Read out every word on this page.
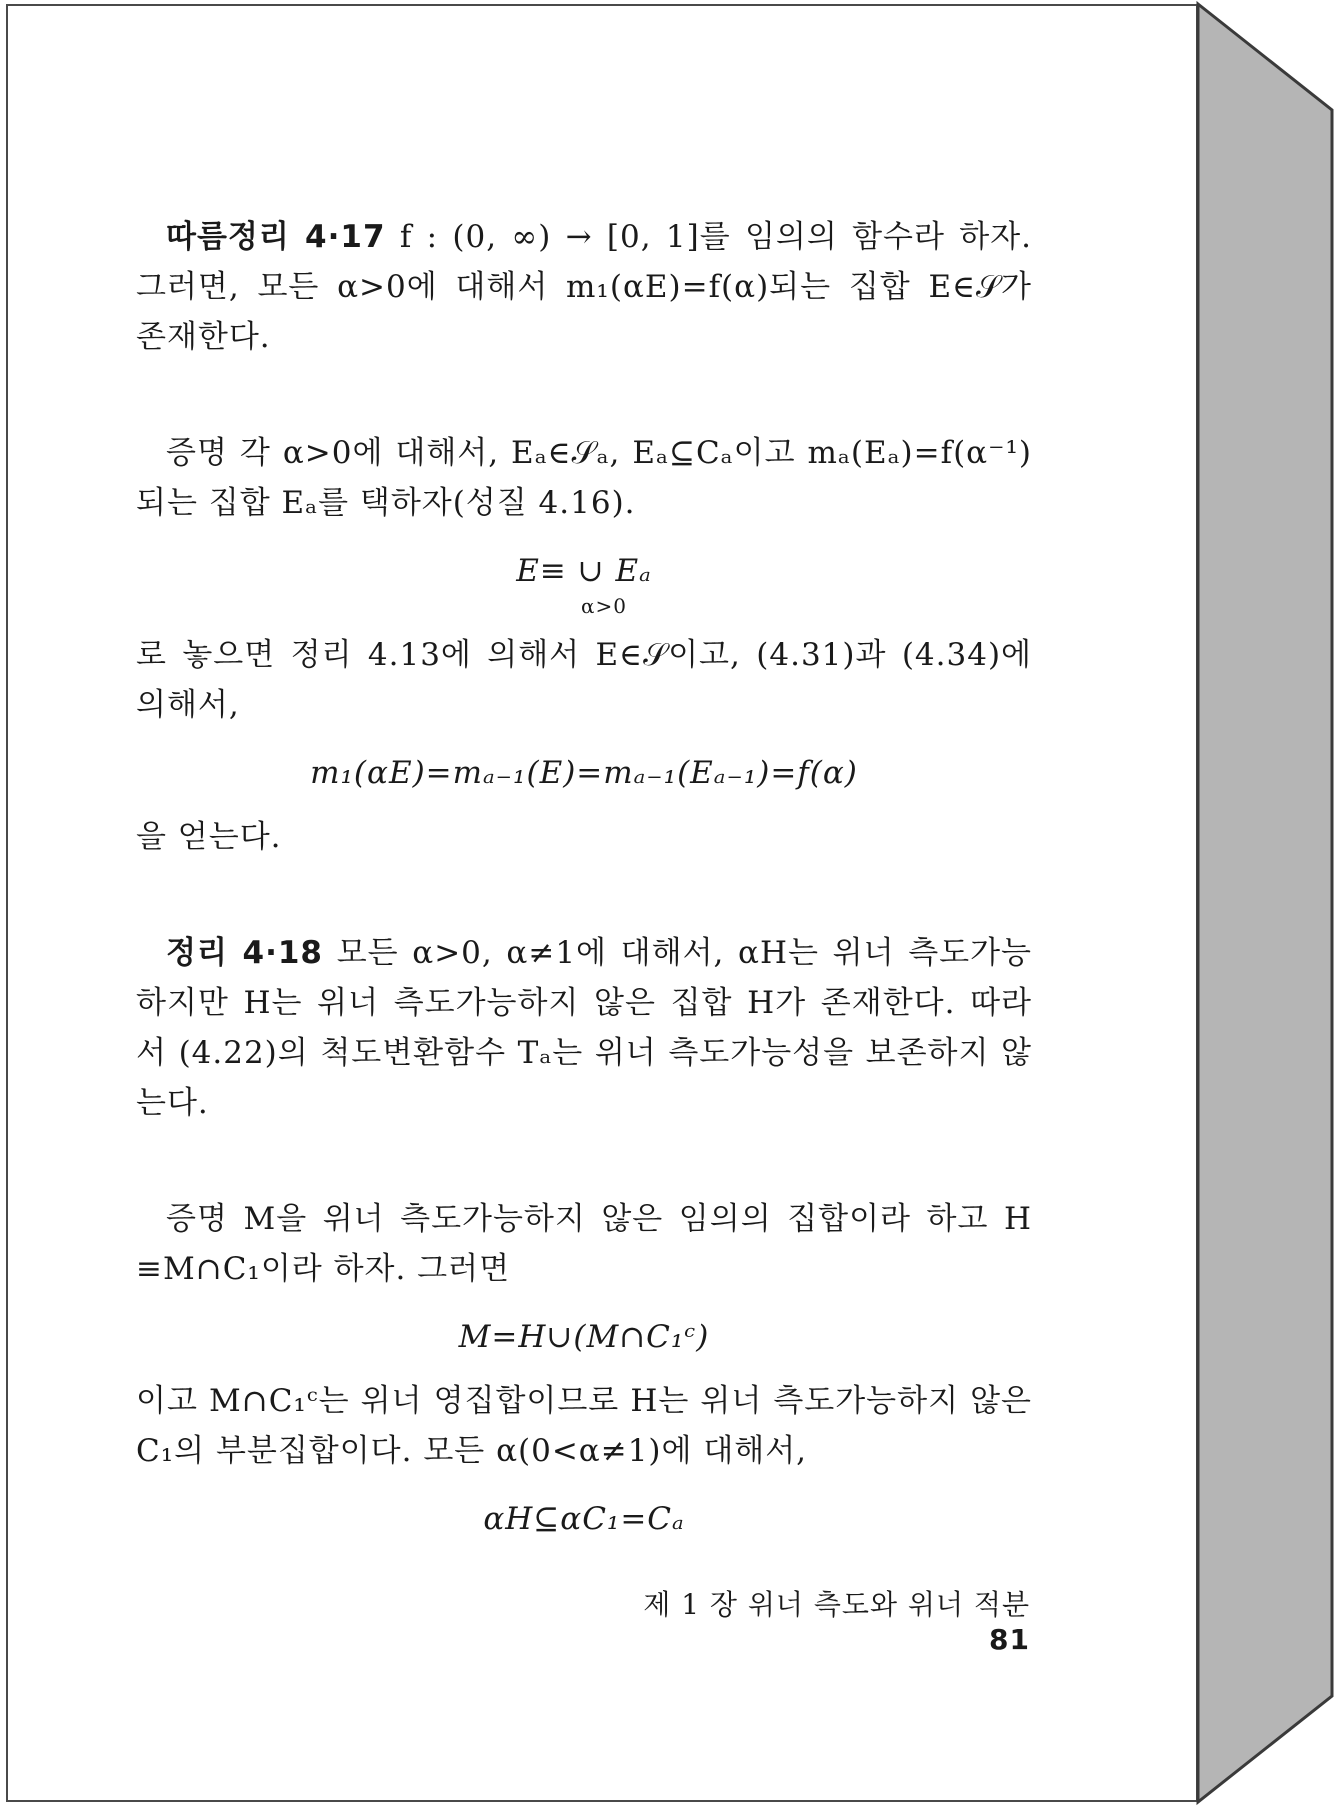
따름정리 4·17 f : (0, ∞) → [0, 1]를 임의의 함수라 하자. 그러면, 모든 α>0에 대해서 m₁(αE)=f(α)되는 집합 E∈𝒮가 존재한다.

증명 각 α>0에 대해서, Eₐ∈𝒮ₐ, Eₐ⊆Cₐ이고 mₐ(Eₐ)=f(α⁻¹)되는 집합 Eₐ를 택하자(성질 4.16).

E≡ ∪ Eₐ
α>0

로 놓으면 정리 4.13에 의해서 E∈𝒮이고, (4.31)과 (4.34)에 의해서,

m₁(αE)=mₐ₋₁(E)=mₐ₋₁(Eₐ₋₁)=f(α)

을 얻는다.

정리 4·18 모든 α>0, α≠1에 대해서, αH는 위너 측도가능하지만 H는 위너 측도가능하지 않은 집합 H가 존재한다. 따라서 (4.22)의 척도변환함수 Tₐ는 위너 측도가능성을 보존하지 않는다.

증명 M을 위너 측도가능하지 않은 임의의 집합이라 하고 H ≡M∩C₁이라 하자. 그러면

M=H∪(M∩C₁ᶜ)

이고 M∩C₁ᶜ는 위너 영집합이므로 H는 위너 측도가능하지 않은 C₁의 부분집합이다. 모든 α(0<α≠1)에 대해서,

αH⊆αC₁=Cₐ
제 1 장 위너 측도와 위너 적분 81
